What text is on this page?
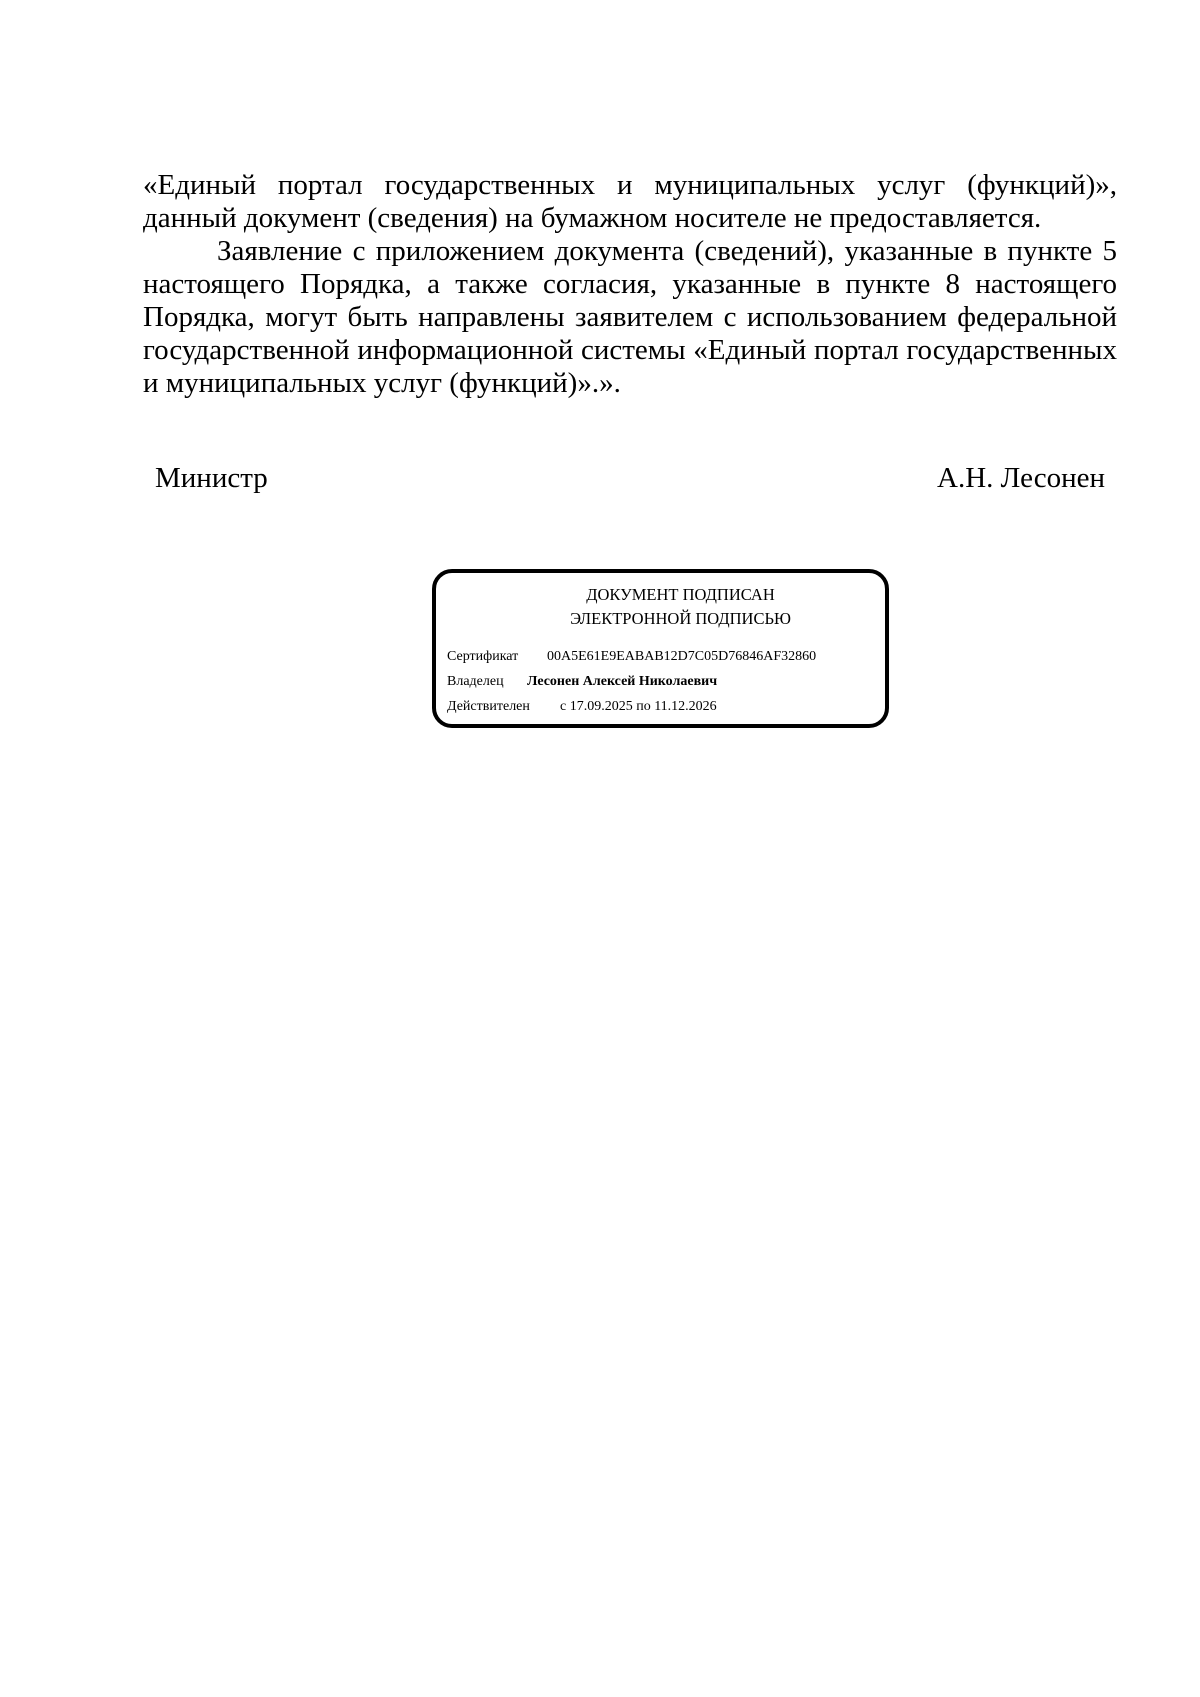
«Единый портал государственных и муниципальных услуг (функций)», данный документ (сведения) на бумажном носителе не предоставляется.

Заявление с приложением документа (сведений), указанные в пункте 5 настоящего Порядка, а также согласия, указанные в пункте 8 настоящего Порядка, могут быть направлены заявителем с использованием федеральной государственной информационной системы «Единый портал государственных и муниципальных услуг (функций)».».

Министр	А.Н. Лесонен
ДОКУМЕНТ ПОДПИСАН
ЭЛЕКТРОННОЙ ПОДПИСЬЮ
Сертификат 00A5E61E9EABAB12D7C05D76846AF32860
Владелец Лесонен Алексей Николаевич
Действителен с 17.09.2025 по 11.12.2026
